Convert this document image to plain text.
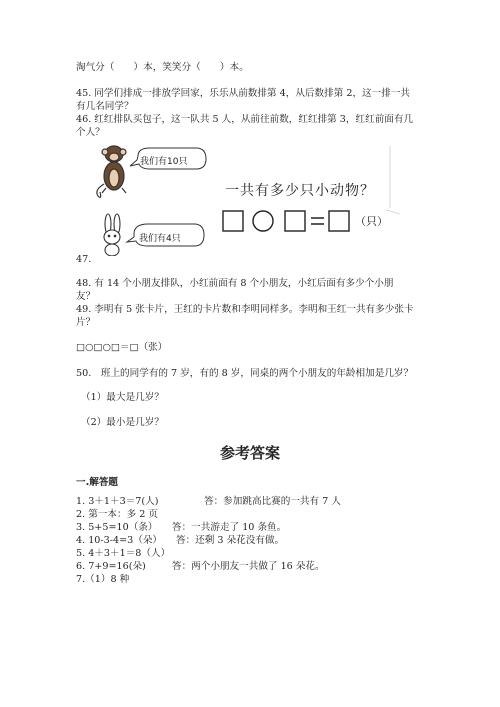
淘气分（　　）本，笑笑分（　　）本。
45. 同学们排成一排放学回家，乐乐从前数排第 4，从后数排第 2，这一排一共
有几名同学？
46. 红红排队买包子，这一队共 5 人，从前往前数，红红排第 3，红红前面有几
个人？
我们有10只
我们有4只
一共有多少只小动物？
（只）
47.
48. 有 14 个小朋友排队，小红前面有 8 个小朋友，小红后面有多少个小朋
友？
49. 李明有 5 张卡片，王红的卡片数和李明同样多。李明和王红一共有多少张卡
片？
□○□○□＝□（张）
50.　班上的同学有的 7 岁，有的 8 岁，同桌的两个小朋友的年龄相加是几岁？
（1）最大是几岁？
（2）最小是几岁？
参考答案
一.解答题
1. 3＋1＋3＝7(人)	答：参加跳高比赛的一共有 7 人
2. 第一本：多 2 页
3. 5+5=10（条） 答：一共游走了 10 条鱼。
4. 10-3-4=3（朵） 答：还剩 3 朵花没有做。
5. 4＋3＋1＝8（人）
6. 7+9=16(朵)	答：两个小朋友一共做了 16 朵花。
7.（1）8 种
